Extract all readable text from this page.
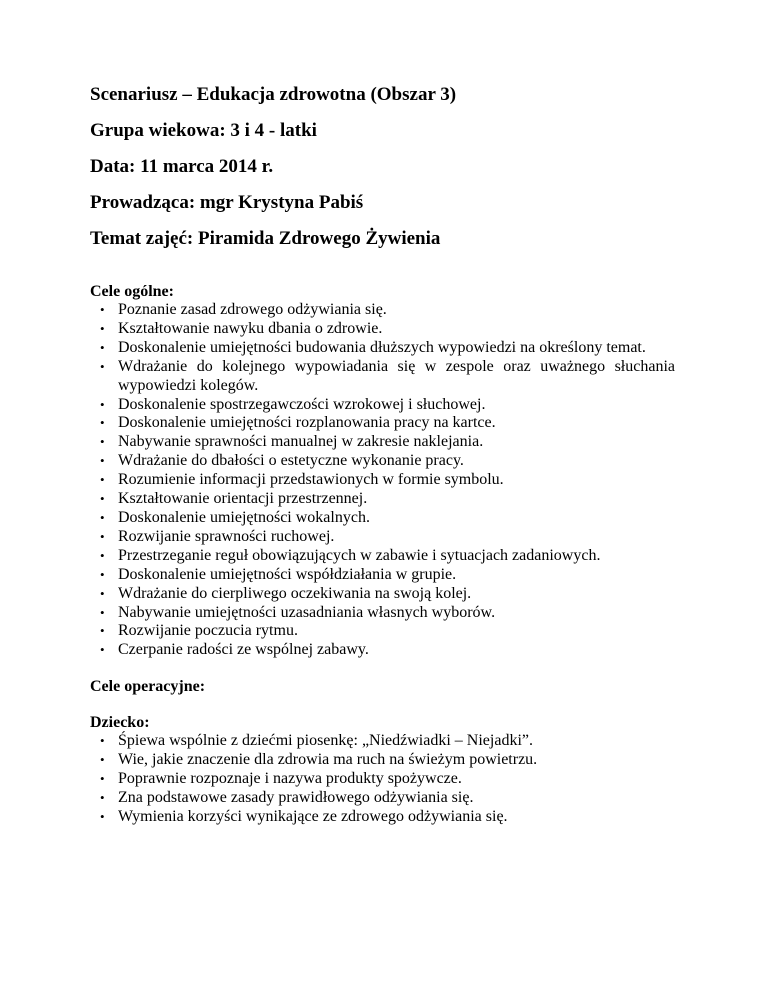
Scenariusz – Edukacja zdrowotna (Obszar 3)
Grupa wiekowa: 3 i 4 - latki
Data: 11 marca 2014 r.
Prowadząca: mgr Krystyna Pabiś
Temat zajęć: Piramida Zdrowego Żywienia
Cele ogólne:
• Poznanie zasad zdrowego odżywiania się.
• Kształtowanie nawyku dbania o zdrowie.
• Doskonalenie umiejętności budowania dłuższych wypowiedzi na określony temat.
• Wdrażanie do kolejnego wypowiadania się w zespole oraz uważnego słuchania wypowiedzi kolegów.
• Doskonalenie spostrzegawczości wzrokowej i słuchowej.
• Doskonalenie umiejętności rozplanowania pracy na kartce.
• Nabywanie sprawności manualnej w zakresie naklejania.
• Wdrażanie do dbałości o estetyczne wykonanie pracy.
• Rozumienie informacji przedstawionych w formie symbolu.
• Kształtowanie orientacji przestrzennej.
• Doskonalenie umiejętności wokalnych.
• Rozwijanie sprawności ruchowej.
• Przestrzeganie reguł obowiązujących w zabawie i sytuacjach zadaniowych.
• Doskonalenie umiejętności współdziałania w grupie.
• Wdrażanie do cierpliwego oczekiwania na swoją kolej.
• Nabywanie umiejętności uzasadniania własnych wyborów.
• Rozwijanie poczucia rytmu.
• Czerpanie radości ze wspólnej zabawy.
Cele operacyjne:
Dziecko:
• Śpiewa wspólnie z dziećmi piosenkę: „Niedźwiadki – Niejadki”.
• Wie, jakie znaczenie dla zdrowia ma ruch na świeżym powietrzu.
• Poprawnie rozpoznaje i nazywa produkty spożywcze.
• Zna podstawowe zasady prawidłowego odżywiania się.
• Wymienia korzyści wynikające ze zdrowego odżywiania się.
